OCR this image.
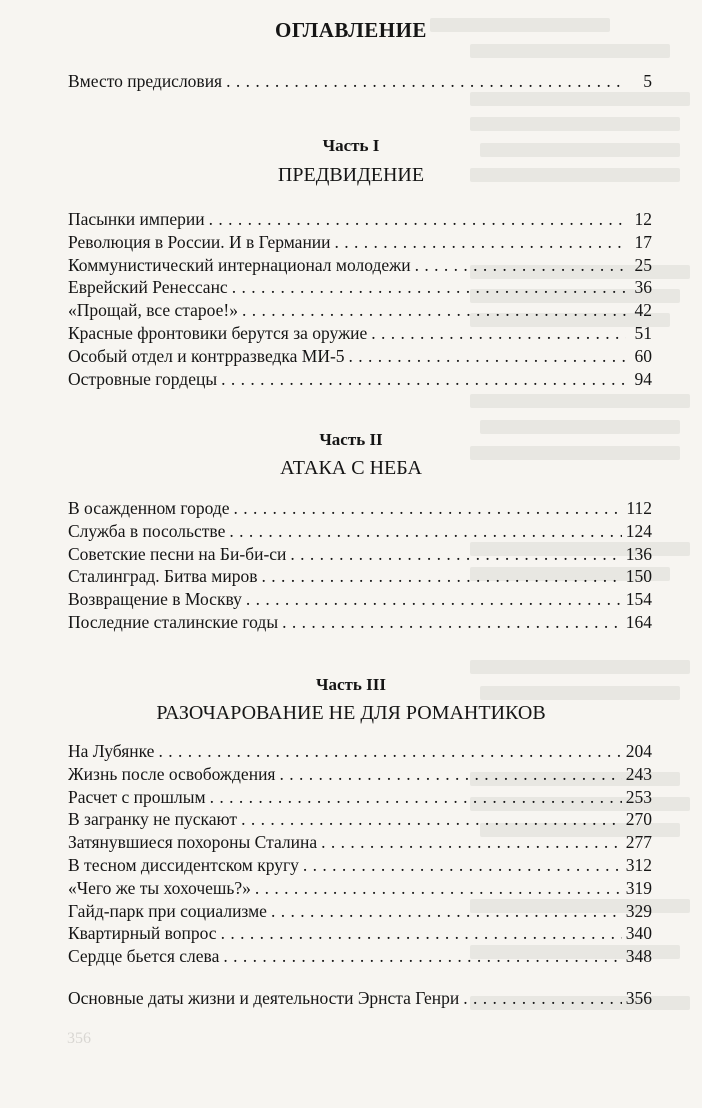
356
ОГЛАВЛЕНИЕ
Вместо предисловия . . .	5
Часть I
ПРЕДВИДЕНИЕ
Пасынки империи . . .	12
Революция в России. И в Германии . . .	17
Коммунистический интернационал молодежи . . .	25
Еврейский Ренессанс . . .	36
«Прощай, все старое!» . . .	42
Красные фронтовики берутся за оружие . . .	51
Особый отдел и контрразведка МИ-5 . . .	60
Островные гордецы . . .	94
Часть II
АТАКА С НЕБА
В осажденном городе . . .	112
Служба в посольстве . . .	124
Советские песни на Би-би-си . . .	136
Сталинград. Битва миров . . .	150
Возвращение в Москву . . .	154
Последние сталинские годы . . .	164
Часть III
РАЗОЧАРОВАНИЕ НЕ ДЛЯ РОМАНТИКОВ
На Лубянке . . .	204
Жизнь после освобождения . . .	243
Расчет с прошлым . . .	253
В загранку не пускают . . .	270
Затянувшиеся похороны Сталина . . .	277
В тесном диссидентском кругу . . .	312
«Чего же ты хохочешь?» . . .	319
Гайд-парк при социализме . . .	329
Квартирный вопрос . . .	340
Сердце бьется слева . . .	348
Основные даты жизни и деятельности Эрнста Генри . . .	356
